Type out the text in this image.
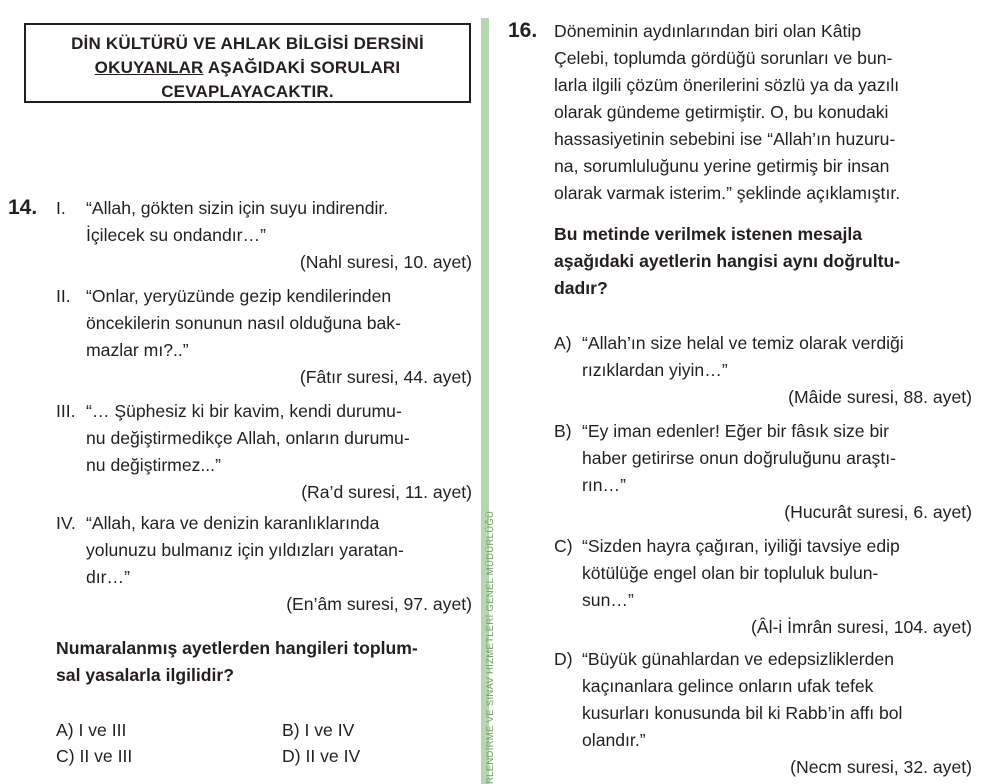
DİN KÜLTÜRÜ VE AHLAK BİLGİSİ DERSİNİ
OKUYANLAR AŞAĞIDAKİ SORULARI
CEVAPLAYACAKTIR.
RLENDİRME VE SINAV HİZMETLERİ GENEL MÜDÜRLÜĞÜ
14. I. “Allah, gökten sizin için suyu indirendir.
İçilecek su ondandır…”
(Nahl suresi, 10. ayet)
II. “Onlar, yeryüzünde gezip kendilerinden
öncekilerin sonunun nasıl olduğuna bak-
mazlar mı?..”
(Fâtır suresi, 44. ayet)
III. “… Şüphesiz ki bir kavim, kendi durumu-
nu değiştirmedikçe Allah, onların durumu-
nu değiştirmez...”
(Ra’d suresi, 11. ayet)
IV. “Allah, kara ve denizin karanlıklarında
yolunuzu bulmanız için yıldızları yaratan-
dır…”
(En’âm suresi, 97. ayet)
Numaralanmış ayetlerden hangileri toplum-
sal yasalarla ilgilidir?
A) I ve III	B) I ve IV
C) II ve III	D) II ve IV
16. Döneminin aydınlarından biri olan Kâtip
Çelebi, toplumda gördüğü sorunları ve bun-
larla ilgili çözüm önerilerini sözlü ya da yazılı
olarak gündeme getirmiştir. O, bu konudaki
hassasiyetinin sebebini ise “Allah’ın huzuru-
na, sorumluluğunu yerine getirmiş bir insan
olarak varmak isterim.” şeklinde açıklamıştır.
Bu metinde verilmek istenen mesajla
aşağıdaki ayetlerin hangisi aynı doğrultu-
dadır?
A) “Allah’ın size helal ve temiz olarak verdiği
rızıklardan yiyin…”
(Mâide suresi, 88. ayet)
B) “Ey iman edenler! Eğer bir fâsık size bir
haber getirirse onun doğruluğunu araştı-
rın…”
(Hucurât suresi, 6. ayet)
C) “Sizden hayra çağıran, iyiliği tavsiye edip
kötülüğe engel olan bir topluluk bulun-
sun…”
(Âl-i İmrân suresi, 104. ayet)
D) “Büyük günahlardan ve edepsizliklerden
kaçınanlara gelince onların ufak tefek
kusurları konusunda bil ki Rabb’in affı bol
olandır.”
(Necm suresi, 32. ayet)
